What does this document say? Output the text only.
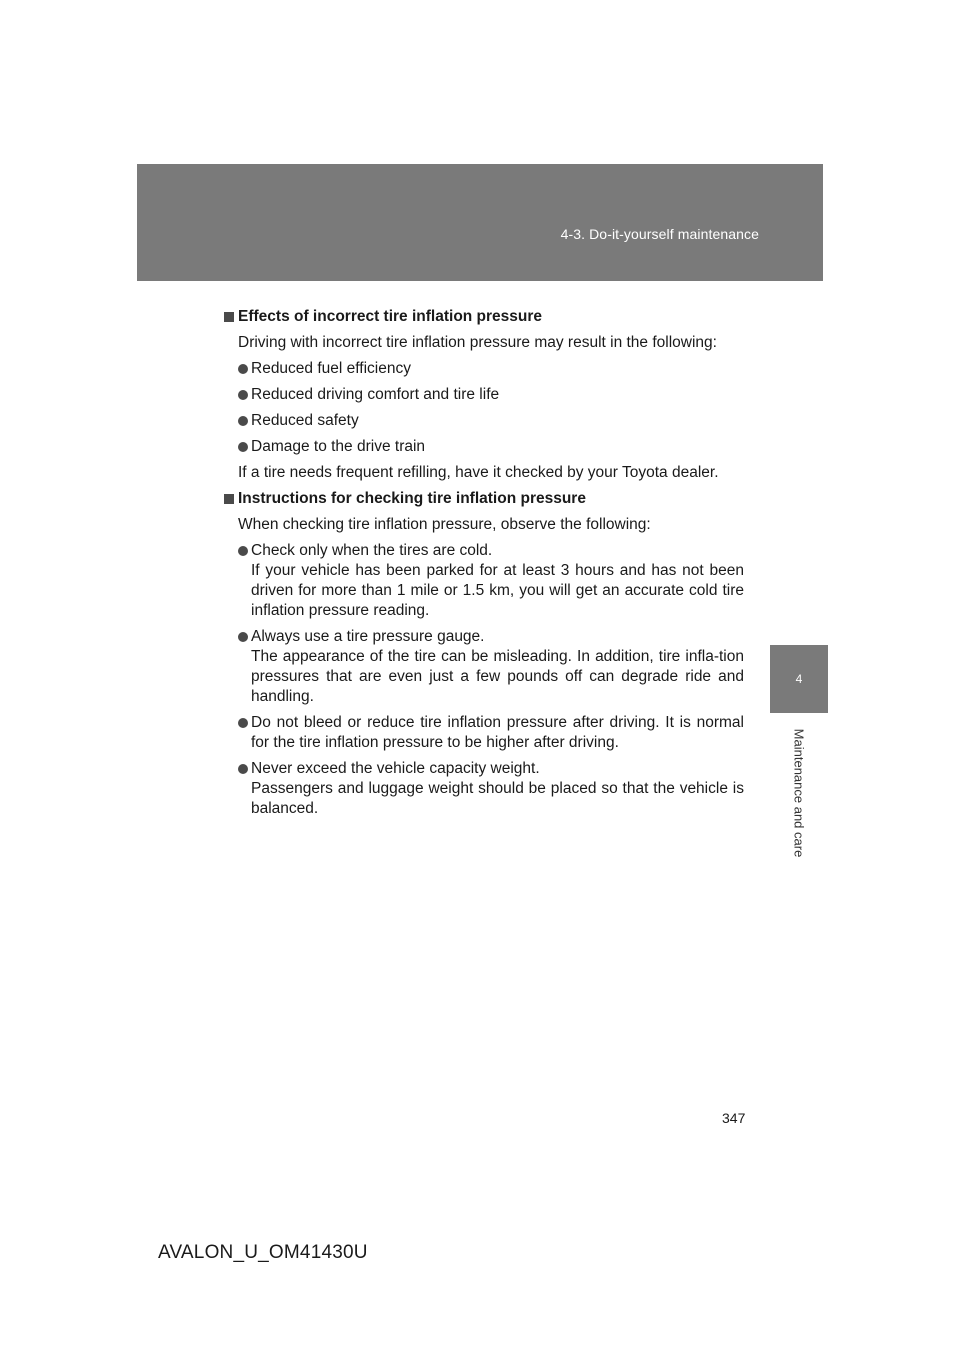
4-3. Do-it-yourself maintenance
4
Maintenance and care
Effects of incorrect tire inflation pressure
Driving with incorrect tire inflation pressure may result in the following:
Reduced fuel efficiency
Reduced driving comfort and tire life
Reduced safety
Damage to the drive train
If a tire needs frequent refilling, have it checked by your Toyota dealer.
Instructions for checking tire inflation pressure
When checking tire inflation pressure, observe the following:
Check only when the tires are cold.
If your vehicle has been parked for at least 3 hours and has not been driven for more than 1 mile or 1.5 km, you will get an accurate cold tire inflation pressure reading.
Always use a tire pressure gauge.
The appearance of the tire can be misleading. In addition, tire infla-tion pressures that are even just a few pounds off can degrade ride and handling.
Do not bleed or reduce tire inflation pressure after driving. It is normal for the tire inflation pressure to be higher after driving.
Never exceed the vehicle capacity weight.
Passengers and luggage weight should be placed so that the vehicle is balanced.
347
AVALON_U_OM41430U
